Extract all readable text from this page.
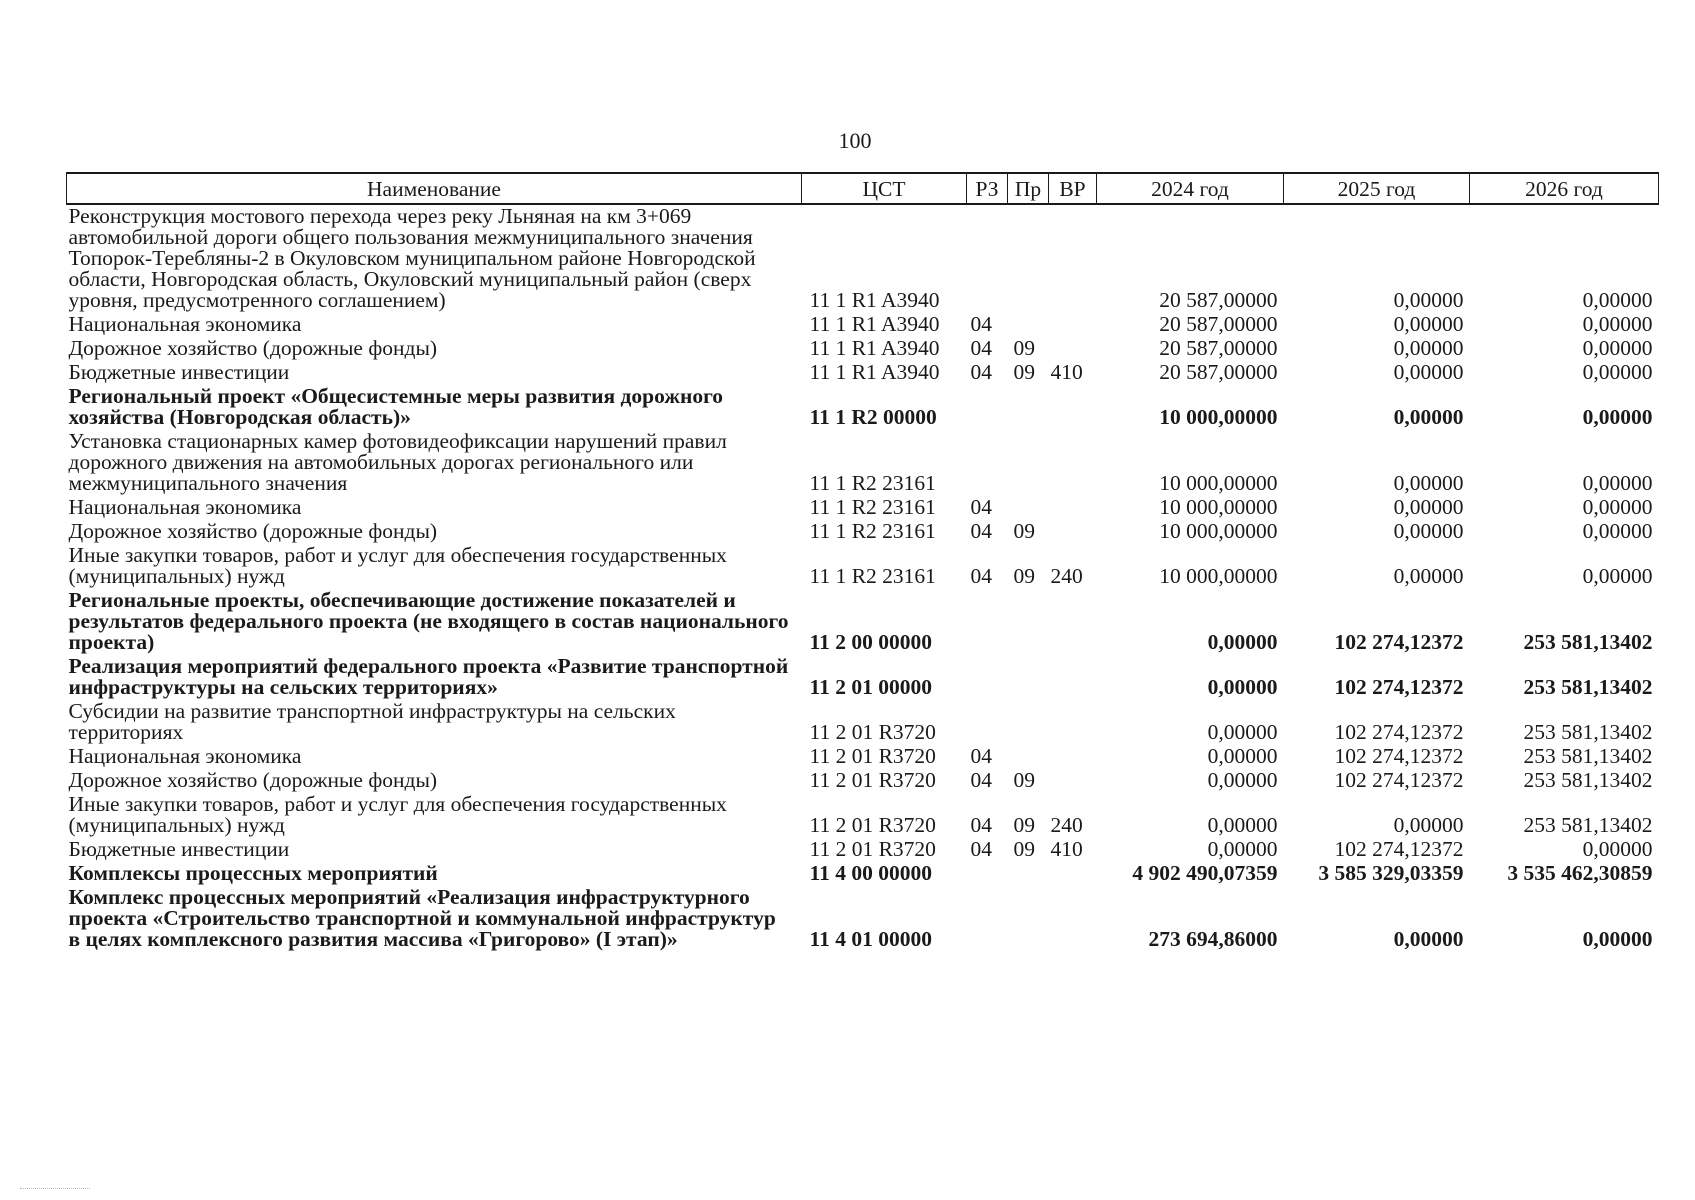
100
Наименование	ЦСТ	РЗ	Пр	ВР	2024 год	2025 год	2026 год
Реконструкция мостового перехода через реку Льняная на км 3+069 автомобильной дороги общего пользования межмуниципального значения Топорок-Теребляны-2 в Окуловском муниципальном районе Новгородской области, Новгородская область, Окуловский муниципальный район (сверх уровня, предусмотренного соглашением)	11 1 R1 A3940				20 587,00000	0,00000	0,00000
Национальная экономика	11 1 R1 A3940	04			20 587,00000	0,00000	0,00000
Дорожное хозяйство (дорожные фонды)	11 1 R1 A3940	04	09		20 587,00000	0,00000	0,00000
Бюджетные инвестиции	11 1 R1 A3940	04	09	410	20 587,00000	0,00000	0,00000
Региональный проект «Общесистемные меры развития дорожного хозяйства (Новгородская область)»	11 1 R2 00000				10 000,00000	0,00000	0,00000
Установка стационарных камер фотовидеофиксации нарушений правил дорожного движения на автомобильных дорогах регионального или межмуниципального значения	11 1 R2 23161				10 000,00000	0,00000	0,00000
Национальная экономика	11 1 R2 23161	04			10 000,00000	0,00000	0,00000
Дорожное хозяйство (дорожные фонды)	11 1 R2 23161	04	09		10 000,00000	0,00000	0,00000
Иные закупки товаров, работ и услуг для обеспечения государственных (муниципальных) нужд	11 1 R2 23161	04	09	240	10 000,00000	0,00000	0,00000
Региональные проекты, обеспечивающие достижение показателей и результатов федерального проекта (не входящего в состав национального проекта)	11 2 00 00000				0,00000	102 274,12372	253 581,13402
Реализация мероприятий федерального проекта «Развитие транспортной инфраструктуры на сельских территориях»	11 2 01 00000				0,00000	102 274,12372	253 581,13402
Субсидии на развитие транспортной инфраструктуры на сельских территориях	11 2 01 R3720				0,00000	102 274,12372	253 581,13402
Национальная экономика	11 2 01 R3720	04			0,00000	102 274,12372	253 581,13402
Дорожное хозяйство (дорожные фонды)	11 2 01 R3720	04	09		0,00000	102 274,12372	253 581,13402
Иные закупки товаров, работ и услуг для обеспечения государственных (муниципальных) нужд	11 2 01 R3720	04	09	240	0,00000	0,00000	253 581,13402
Бюджетные инвестиции	11 2 01 R3720	04	09	410	0,00000	102 274,12372	0,00000
Комплексы процессных мероприятий	11 4 00 00000				4 902 490,07359	3 585 329,03359	3 535 462,30859
Комплекс процессных мероприятий «Реализация инфраструктурного проекта «Строительство транспортной и коммунальной инфраструктур в целях комплексного развития массива «Григорово» (I этап)»	11 4 01 00000				273 694,86000	0,00000	0,00000
